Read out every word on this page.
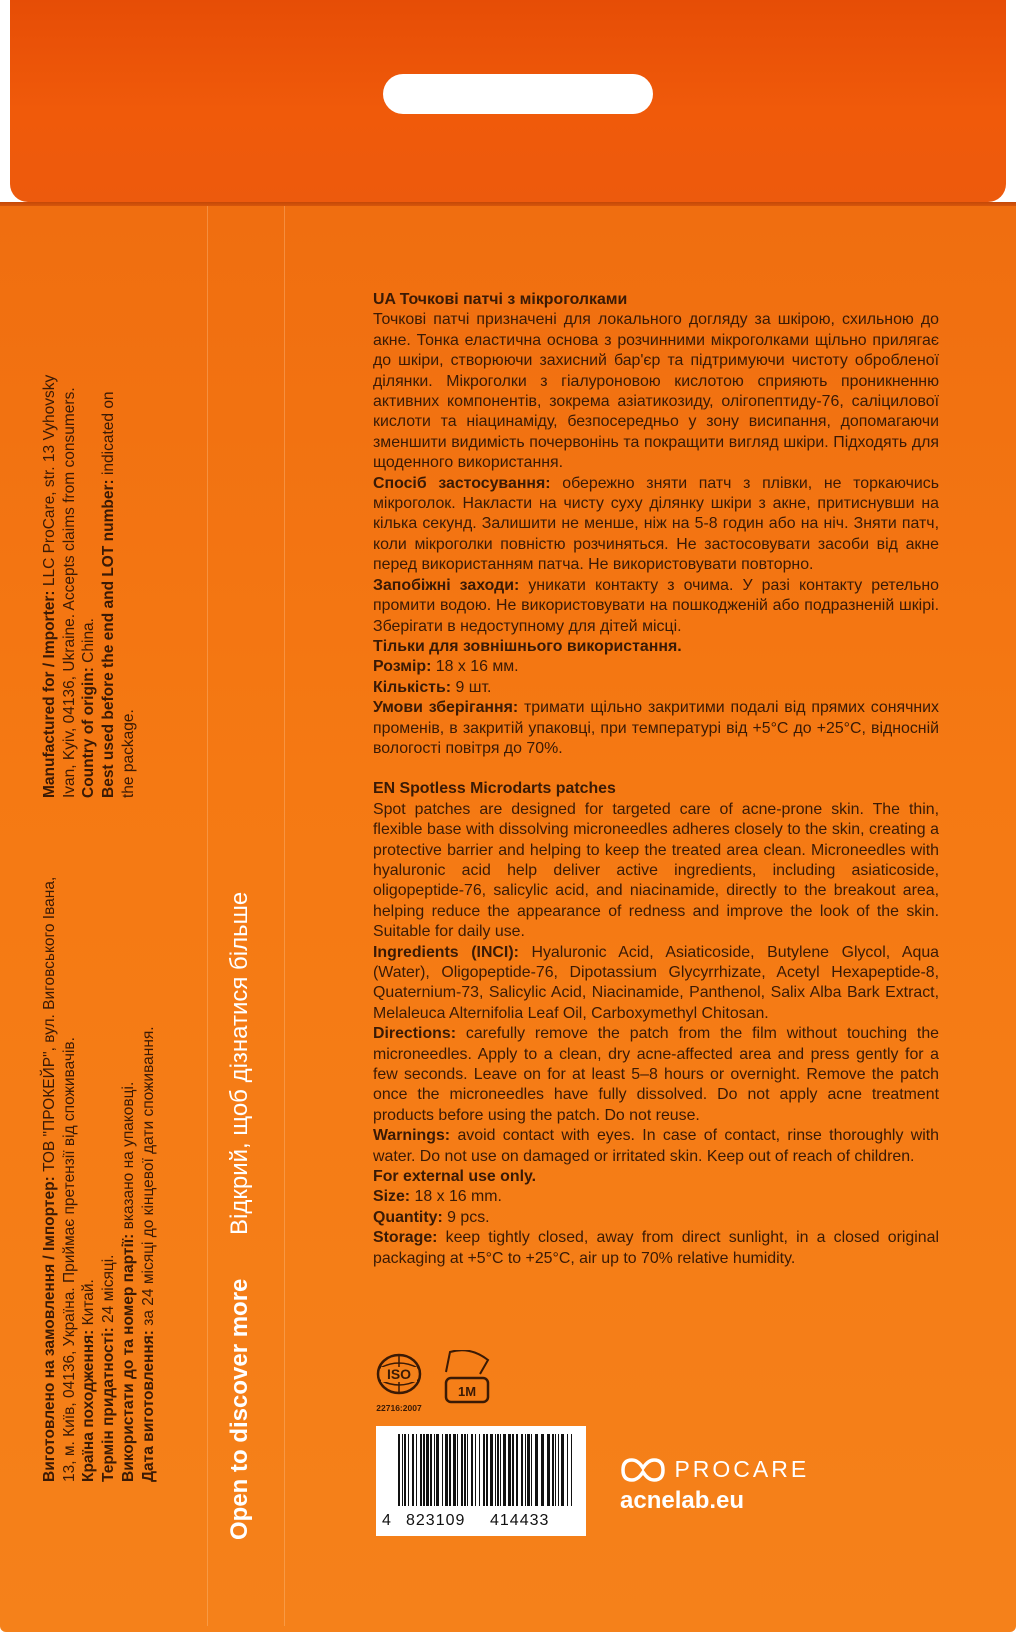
Виготовлено на замовлення / Імпортер: ТОВ "ПРОКЕЙР", вул. Виговського Івана,
13, м. Київ, 04136, Україна. Приймає претензії від споживачів. Країна походження: Китай.
Термін придатності: 24 місяці. Використати до та номер партії: вказано на упаковці.
Дата виготовлення: за 24 місяці до кінцевої дати споживання.
Manufactured for / Importer: LLC ProCare, str. 13 Vyhovsky Ivan, Kyiv, 04136, Ukraine. Accepts claims from consumers. Country of origin: China. Best used before the end and LOT number: indicated on
the package.
Open to discover more
Відкрий, щоб дізнатися більше

UA Точкові патчі з мікроголками

Точкові патчі призначені для локального догляду за шкірою, схильною до акне. Тонка еластична основа з розчинними мікроголками щільно прилягає до шкіри, створюючи захисний бар'єр та підтримуючи чистоту обробленої ділянки. Мікроголки з гіалуроновою кислотою сприяють проникненню активних компонентів, зокрема азіатикозиду, олігопептиду-76, саліцилової кислоти та ніацинаміду, безпосередньо у зону висипання, допомагаючи зменшити видимість почервонінь та покращити вигляд шкіри. Підходять для щоденного використання.

Спосіб застосування: обережно зняти патч з плівки, не торкаючись мікроголок. Накласти на чисту суху ділянку шкіри з акне, притиснувши на кілька секунд. Залишити не менше, ніж на 5-8 годин або на ніч. Зняти патч, коли мікроголки повністю розчиняться. Не застосовувати засоби від акне перед використанням патча. Не використовувати повторно.

Запобіжні заходи: уникати контакту з очима. У разі контакту ретельно промити водою. Не використовувати на пошкодженій або подразненій шкірі. Зберігати в недоступному для дітей місці.

Тільки для зовнішнього використання.

Розмір: 18 х 16 мм.

Кількість: 9 шт.

Умови зберігання: тримати щільно закритими подалі від прямих сонячних променів, в закритій упаковці, при температурі від +5°С до +25°С, відносній вологості повітря до 70%.

EN Spotless Microdarts patches

Spot patches are designed for targeted care of acne-prone skin. The thin, flexible base with dissolving microneedles adheres closely to the skin, creating a protective barrier and helping to keep the treated area clean. Microneedles with hyaluronic acid help deliver active ingredients, including asiaticoside, oligopeptide-76, salicylic acid, and niacinamide, directly to the breakout area, helping reduce the appearance of redness and improve the look of the skin. Suitable for daily use.

Ingredients (INCI): Hyaluronic Acid, Asiaticoside, Butylene Glycol, Aqua (Water), Oligopeptide-76, Dipotassium Glycyrrhizate, Acetyl Hexapeptide-8, Quaternium-73, Salicylic Acid, Niacinamide, Panthenol, Salix Alba Bark Extract, Melaleuca Alternifolia Leaf Oil, Carboxymethyl Chitosan.

Directions: carefully remove the patch from the film without touching the microneedles. Apply to a clean, dry acne-affected area and press gently for a few seconds. Leave on for at least 5–8 hours or overnight. Remove the patch once the microneedles have fully dissolved. Do not apply acne treatment products before using the patch. Do not reuse.

Warnings: avoid contact with eyes. In case of contact, rinse thoroughly with water. Do not use on damaged or irritated skin. Keep out of reach of children.

For external use only.

Size: 18 x 16 mm.

Quantity: 9 pcs.

Storage: keep tightly closed, away from direct sunlight, in a closed original packaging at +5°C to +25°C, air up to 70% relative humidity.

ISO
22716:2007
1M
4 823109 414433
PROCARE
acnelab.eu
